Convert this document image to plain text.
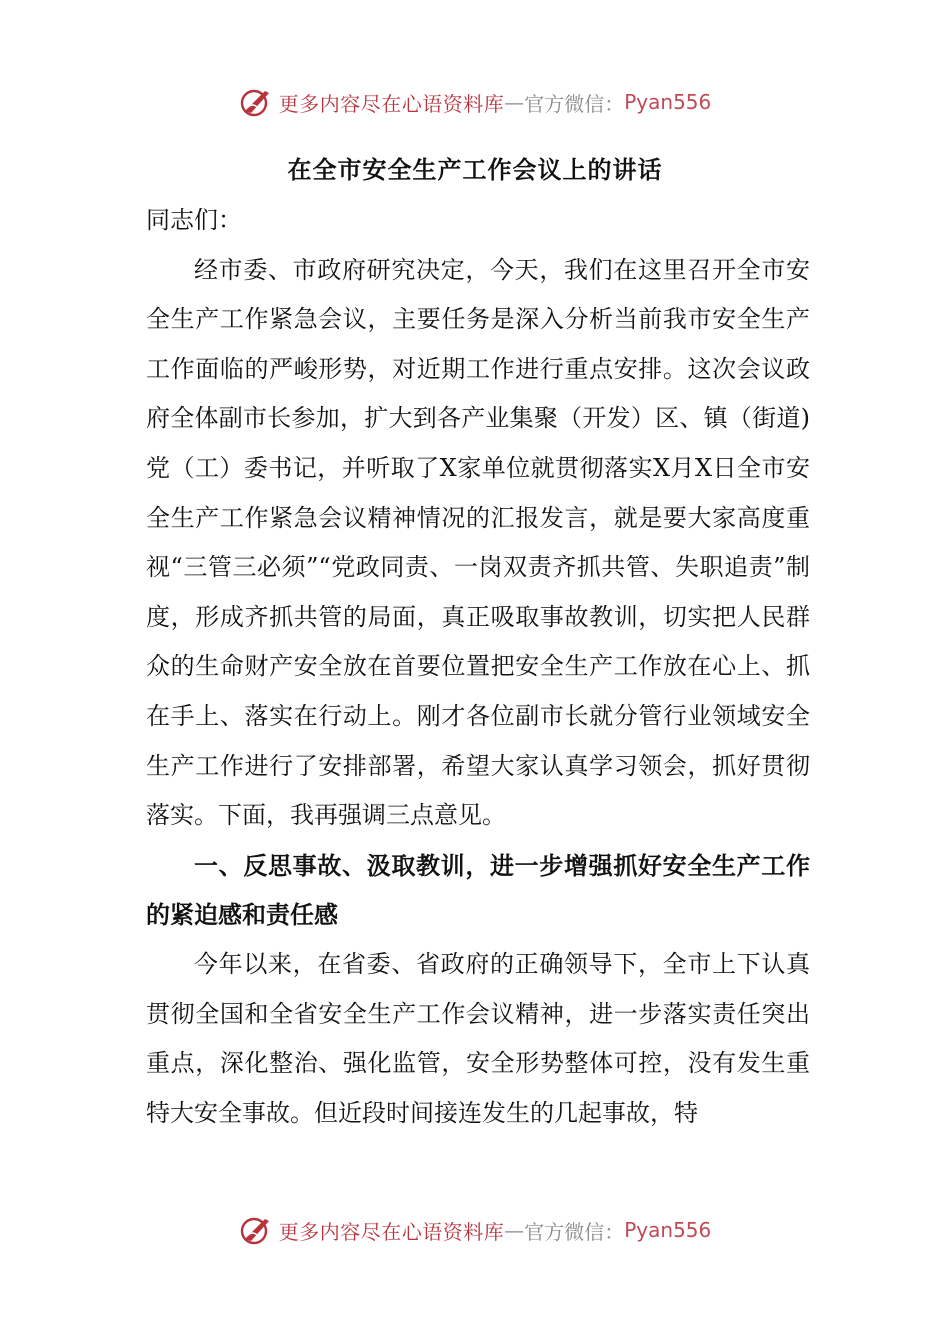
更多内容尽在心语资料库 — 官方微信： Pyan556
在全市安全生产工作会议上的讲话

同志们：

经市委、市政府研究决定，今天，我们在这里召开全市安全生产工作紧急会议，主要任务是深入分析当前我市安全生产工作面临的严峻形势，对近期工作进行重点安排。这次会议政府全体副市长参加，扩大到各产业集聚（开发）区、镇（街道)党（工）委书记，并听取了X家单位就贯彻落实X月X日全市安全生产工作紧急会议精神情况的汇报发言，就是要大家高度重视“三管三必须”“党政同责、一岗双责齐抓共管、失职追责”制度，形成齐抓共管的局面，真正吸取事故教训，切实把人民群众的生命财产安全放在首要位置把安全生产工作放在心上、抓在手上、落实在行动上。刚才各位副市长就分管行业领域安全生产工作进行了安排部署，希望大家认真学习领会，抓好贯彻落实。下面，我再强调三点意见。

一、反思事故、汲取教训，进一步增强抓好安全生产工作的紧迫感和责任感

今年以来，在省委、省政府的正确领导下，全市上下认真贯彻全国和全省安全生产工作会议精神，进一步落实责任突出重点，深化整治、强化监管，安全形势整体可控，没有发生重特大安全事故。但近段时间接连发生的几起事故，特

更多内容尽在心语资料库 — 官方微信： Pyan556
